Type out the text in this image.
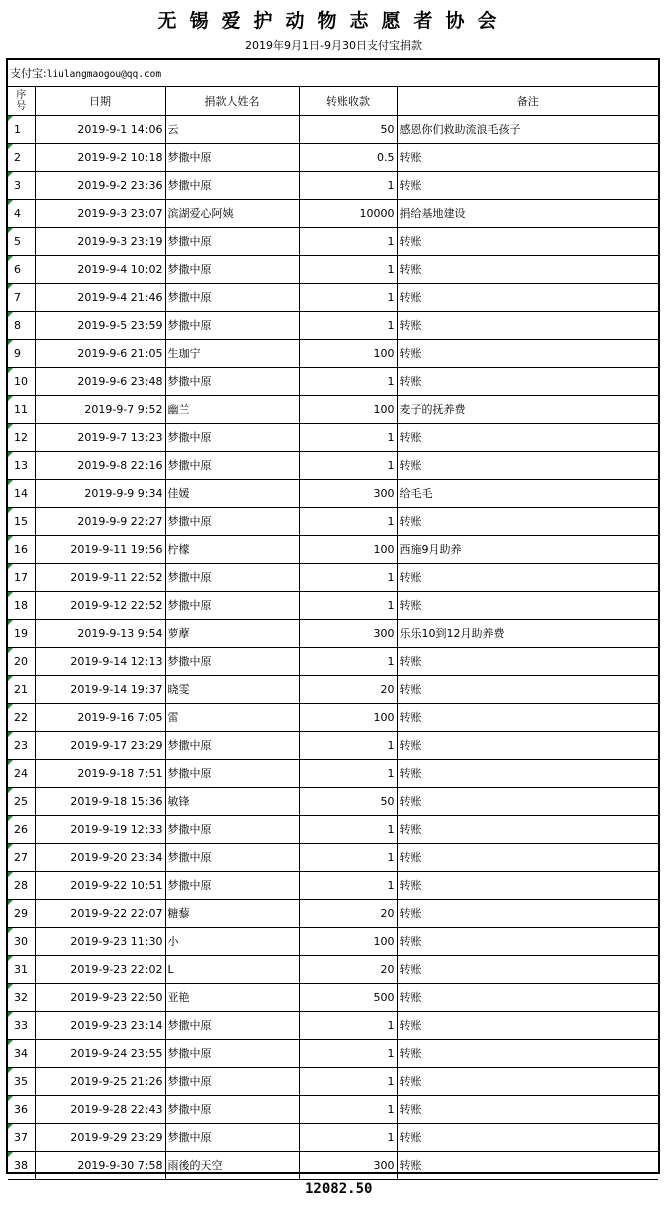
无锡爱护动物志愿者协会
2019年9月1日-9月30日支付宝捐款
支付宝:liulangmaogou@qq.com
序号	日期	捐款人姓名	转账收款	备注
1	2019-9-1 14:06	云	50	感恩你们救助流浪毛孩子
2	2019-9-2 10:18	梦撒中原	0.5	转账
3	2019-9-2 23:36	梦撒中原	1	转账
4	2019-9-3 23:07	滨湖爱心阿姨	10000	捐给基地建设
5	2019-9-3 23:19	梦撒中原	1	转账
6	2019-9-4 10:02	梦撒中原	1	转账
7	2019-9-4 21:46	梦撒中原	1	转账
8	2019-9-5 23:59	梦撒中原	1	转账
9	2019-9-6 21:05	生珈宁	100	转账
10	2019-9-6 23:48	梦撒中原	1	转账
11	2019-9-7 9:52	幽兰	100	麦子的抚养费
12	2019-9-7 13:23	梦撒中原	1	转账
13	2019-9-8 22:16	梦撒中原	1	转账
14	2019-9-9 9:34	佳媛	300	给毛毛
15	2019-9-9 22:27	梦撒中原	1	转账
16	2019-9-11 19:56	柠檬	100	西施9月助养
17	2019-9-11 22:52	梦撒中原	1	转账
18	2019-9-12 22:52	梦撒中原	1	转账
19	2019-9-13 9:54	萝藦	300	乐乐10到12月助养费
20	2019-9-14 12:13	梦撒中原	1	转账
21	2019-9-14 19:37	晓雯	20	转账
22	2019-9-16 7:05	雷	100	转账
23	2019-9-17 23:29	梦撒中原	1	转账
24	2019-9-18 7:51	梦撒中原	1	转账
25	2019-9-18 15:36	敏锋	50	转账
26	2019-9-19 12:33	梦撒中原	1	转账
27	2019-9-20 23:34	梦撒中原	1	转账
28	2019-9-22 10:51	梦撒中原	1	转账
29	2019-9-22 22:07	糖藜	20	转账
30	2019-9-23 11:30	小	100	转账
31	2019-9-23 22:02	L	20	转账
32	2019-9-23 22:50	亚艳	500	转账
33	2019-9-23 23:14	梦撒中原	1	转账
34	2019-9-24 23:55	梦撒中原	1	转账
35	2019-9-25 21:26	梦撒中原	1	转账
36	2019-9-28 22:43	梦撒中原	1	转账
37	2019-9-29 23:29	梦撒中原	1	转账
38	2019-9-30 7:58	雨後的天空	300	转账
12082.50
